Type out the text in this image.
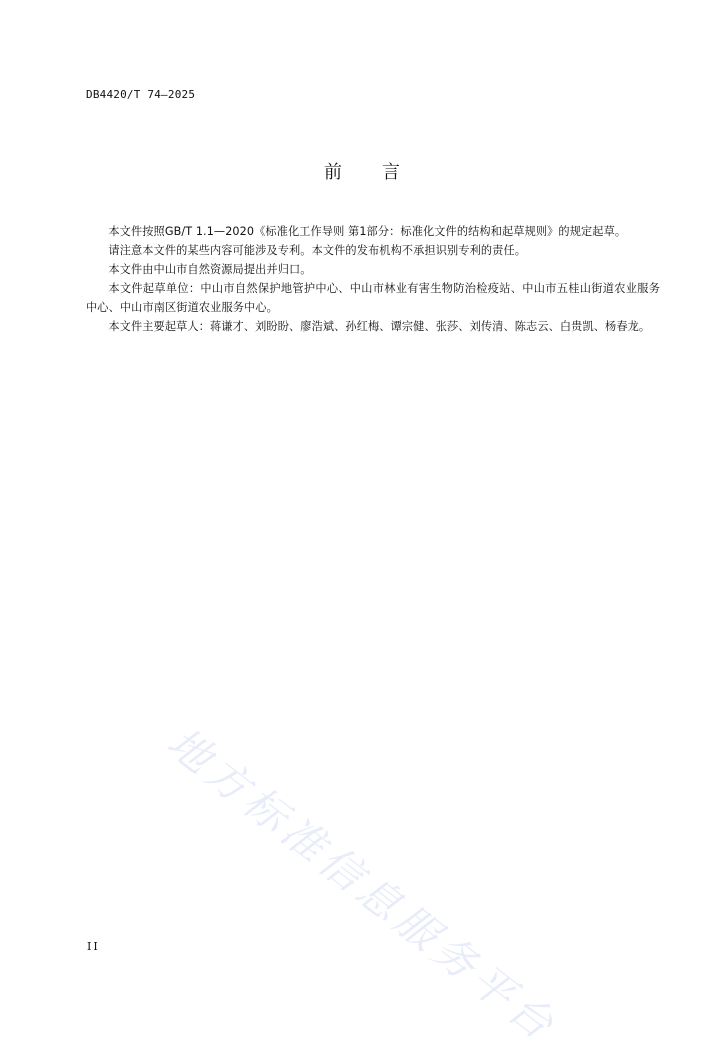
DB4420/T 74—2025
前 言

本文件按照GB/T 1.1—2020《标准化工作导则 第1部分：标准化文件的结构和起草规则》的规定起草。

请注意本文件的某些内容可能涉及专利。本文件的发布机构不承担识别专利的责任。

本文件由中山市自然资源局提出并归口。

本文件起草单位：中山市自然保护地管护中心、中山市林业有害生物防治检疫站、中山市五桂山街道农业服务中心、中山市南区街道农业服务中心。

本文件主要起草人：蒋谦才、刘盼盼、廖浩斌、孙红梅、谭宗健、张莎、刘传清、陈志云、白贵凯、杨春龙。

地方标准信息服务平台
II
